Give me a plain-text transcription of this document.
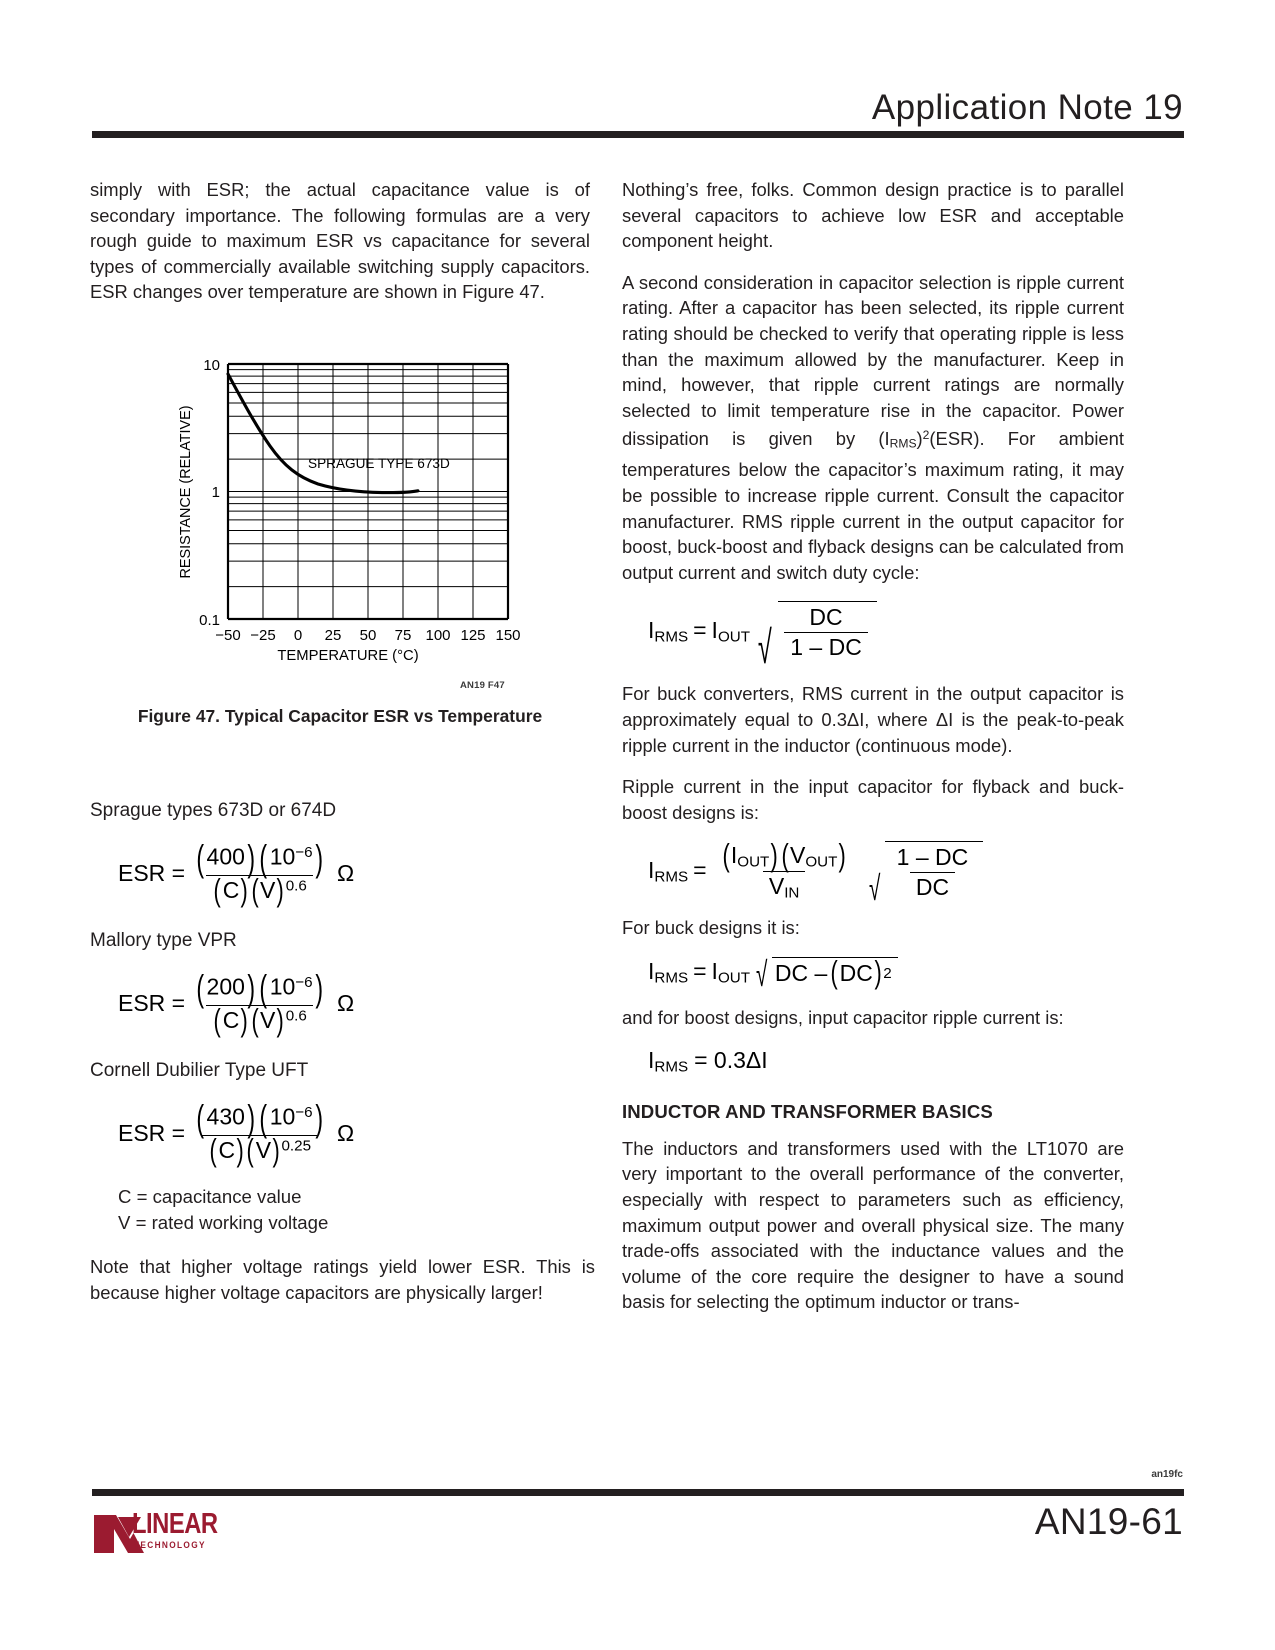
Application Note 19

simply with ESR; the actual capacitance value is of secondary importance. The following formulas are a very rough guide to maximum ESR vs capacitance for several types of commercially available switching supply capacitors. ESR changes over temperature are shown in Figure 47.

SPRAGUE TYPE 673D
10
1
0.1
−50 −25 0 25 50 75 100 125 150
RESISTANCE (RELATIVE)
TEMPERATURE (°C)
AN19 F47
Figure 47. Typical Capacitor ESR vs Temperature

Sprague types 673D or 674D

ESR = $\frac{( 400) ( 10^{-6})}{(C)(V) ^{0.6}}$ Ω

Mallory type VPR

ESR = $\frac{( 200) ( 10^{-6})}{(C)(V) ^{0.6}}$ Ω

Cornell Dubilier Type UFT

ESR = $\frac{( 430) ( 10^{-6})}{(C)(V) ^{0.25}}$ Ω
C = capacitance value
V = rated working voltage

Note that higher voltage ratings yield lower ESR. This is because higher voltage capacitors are physically larger!

Nothing’s free, folks. Common design practice is to parallel several capacitors to achieve low ESR and acceptable component height.

A second consideration in capacitor selection is ripple current rating. After a capacitor has been selected, its ripple current rating should be checked to verify that operating ripple is less than the maximum allowed by the manufacturer. Keep in mind, however, that ripple current ratings are normally selected to limit temperature rise in the capacitor. Power dissipation is given by $(I_{RMS})^2(ESR)$. For ambient temperatures below the capacitor’s maximum rating, it may be possible to increase ripple current. Consult the capacitor manufacturer. RMS ripple current in the output capacitor for boost, buck-boost and flyback designs can be calculated from output current and switch duty cycle:

$I_{RMS} = I_{OUT}$ √ $\frac{DC}{1 - DC}$

For buck converters, RMS current in the output capacitor is approximately equal to 0.3ΔI, where ΔI is the peak-to-peak ripple current in the inductor (continuous mode).

Ripple current in the input capacitor for flyback and buck-boost designs is:

$I_{RMS} = \frac{(I_{OUT})(V_{OUT})}{V_{IN}}$ √ $\frac{1 - DC}{DC}$

For buck designs it is:

$I_{RMS} = I_{OUT}$ √ DC – ( DC ) 2

and for boost designs, input capacitor ripple current is:

$I_{RMS} = 0.3\Delta I$
INDUCTOR AND TRANSFORMER BASICS

The inductors and transformers used with the LT1070 are very important to the overall performance of the converter, especially with respect to parameters such as efficiency, maximum output power and overall physical size. The many trade-offs associated with the inductance values and the volume of the core require the designer to have a sound basis for selecting the optimum inductor or trans-

an19fc
LINEAR
TECHNOLOGY
AN19-61
